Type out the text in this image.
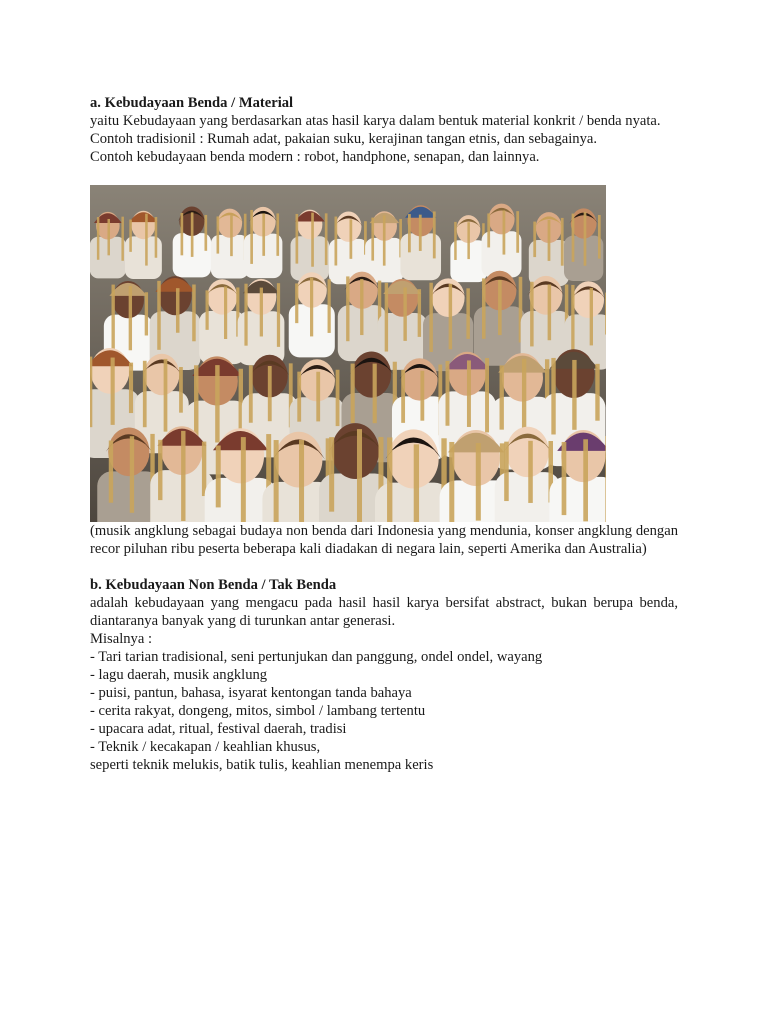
a. Kebudayaan Benda / Material

yaitu Kebudayaan yang berdasarkan atas hasil karya dalam bentuk material konkrit / benda nyata.

Contoh tradisionil : Rumah adat, pakaian suku, kerajinan tangan etnis, dan sebagainya.

Contoh kebudayaan benda modern : robot, handphone, senapan, dan lainnya.

(musik angklung sebagai budaya non benda dari Indonesia yang mendunia, konser angklung dengan recor piluhan ribu peserta beberapa kali diadakan di negara lain, seperti Amerika dan Australia)

b. Kebudayaan Non Benda / Tak Benda

adalah kebudayaan yang mengacu pada hasil hasil karya bersifat abstract, bukan berupa benda, diantaranya banyak yang di turunkan antar generasi.

Misalnya :

- Tari tarian tradisional, seni pertunjukan dan panggung, ondel ondel, wayang

- lagu daerah, musik angklung

- puisi, pantun, bahasa, isyarat kentongan tanda bahaya

- cerita rakyat, dongeng, mitos, simbol / lambang tertentu

- upacara adat, ritual, festival daerah, tradisi

- Teknik / kecakapan / keahlian khusus,

seperti teknik melukis, batik tulis, keahlian menempa keris
